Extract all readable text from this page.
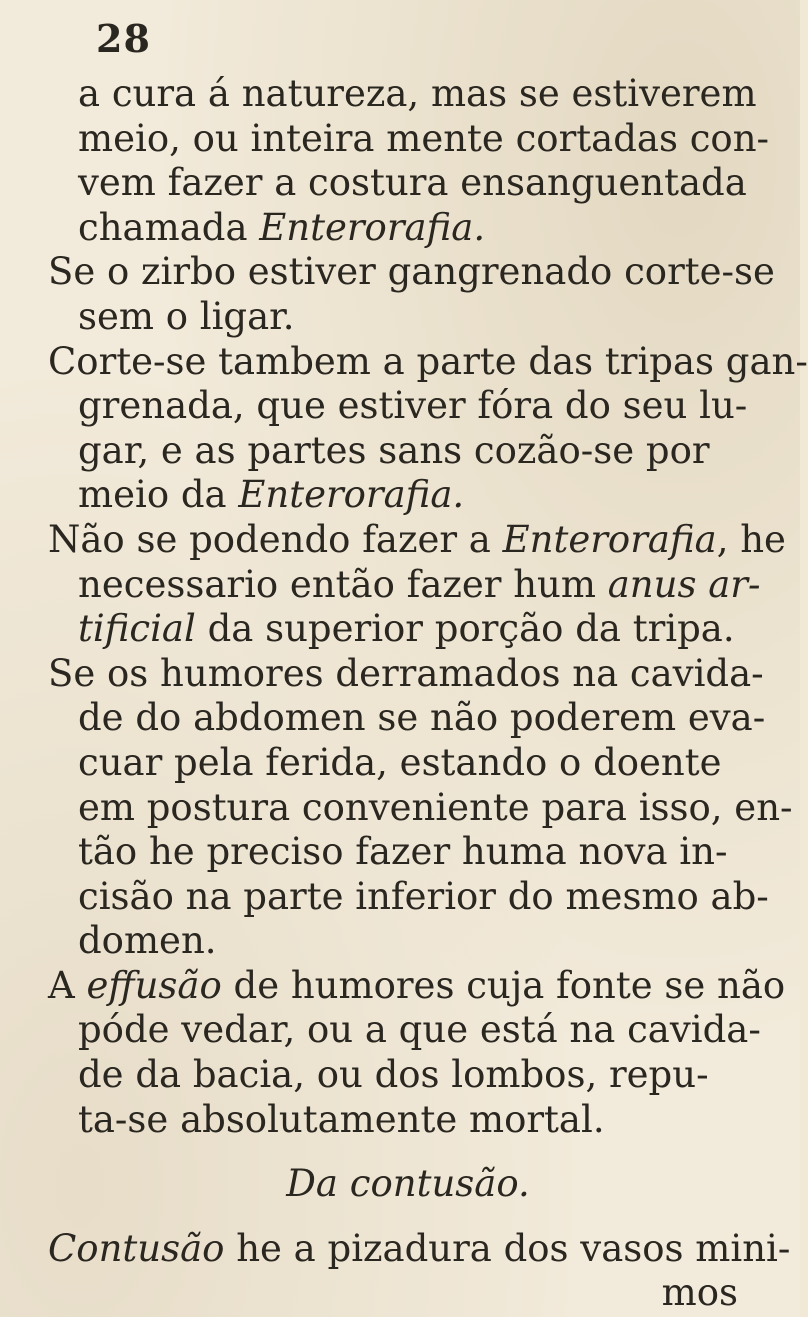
28
a cura á natureza, mas se estiverem
meio, ou inteira mente cortadas con-
vem fazer a costura ensanguentada
chamada Enterorafia.
Se o zirbo estiver gangrenado corte-se
sem o ligar.
Corte-se tambem a parte das tripas gan-
grenada, que estiver fóra do seu lu-
gar, e as partes sans cozão-se por
meio da Enterorafia.
Não se podendo fazer a Enterorafia, he
necessario então fazer hum anus ar-
tificial da superior porção da tripa.
Se os humores derramados na cavida-
de do abdomen se não poderem eva-
cuar pela ferida, estando o doente
em postura conveniente para isso, en-
tão he preciso fazer huma nova in-
cisão na parte inferior do mesmo ab-
domen.
A effusão de humores cuja fonte se não
póde vedar, ou a que está na cavida-
de da bacia, ou dos lombos, repu-
ta-se absolutamente mortal.
Da contusão.
Contusão he a pizadura dos vasos mini-
mos
